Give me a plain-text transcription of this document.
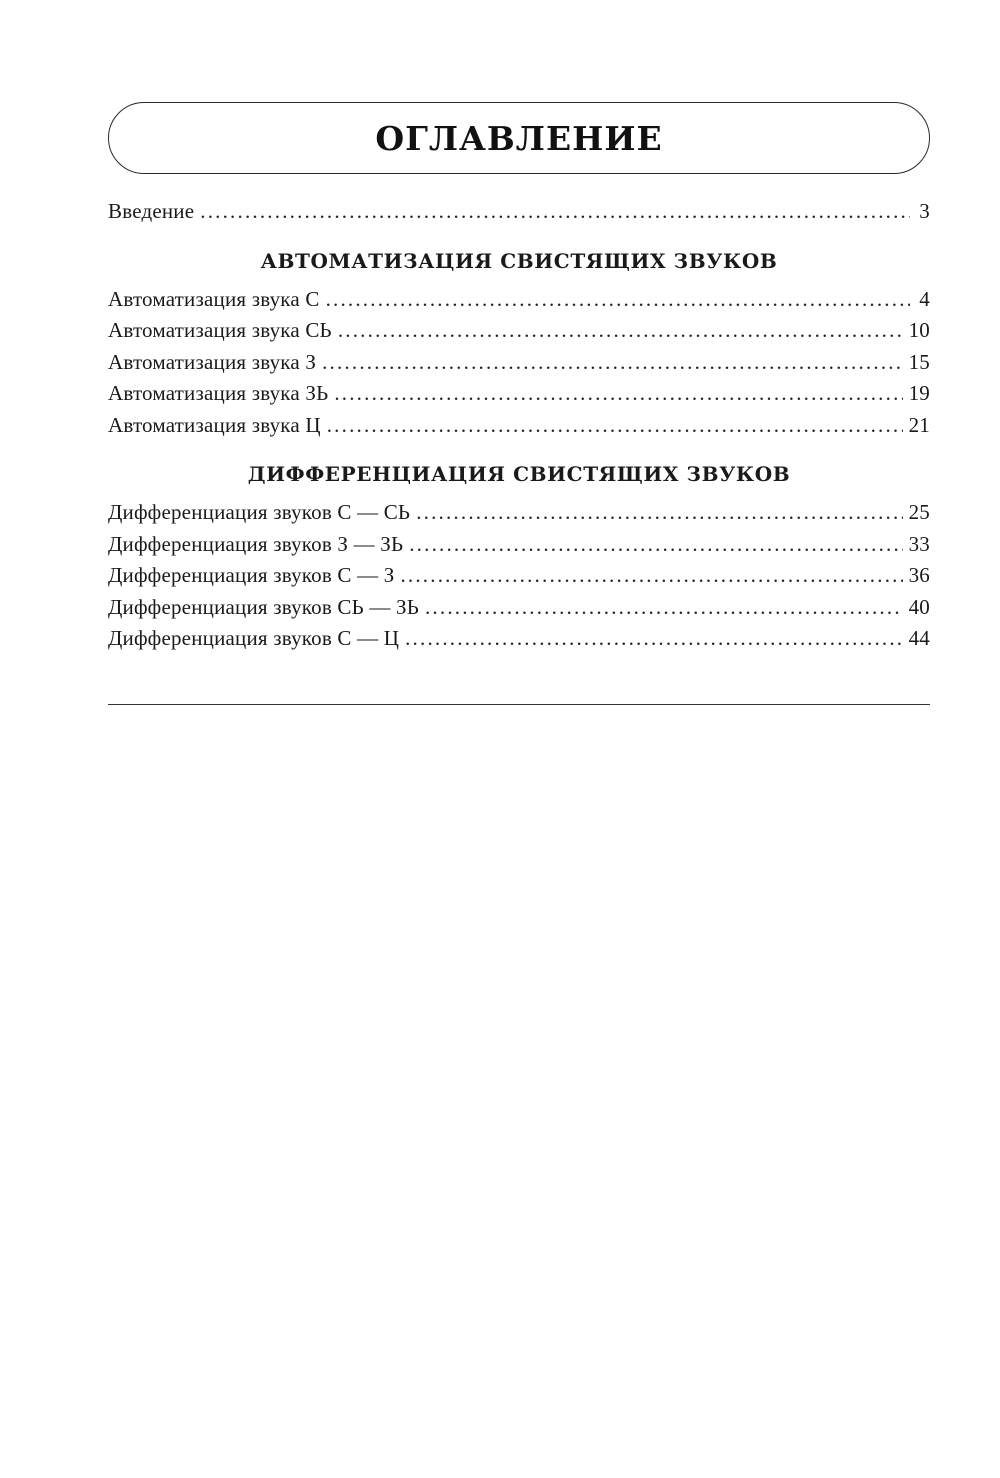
ОГЛАВЛЕНИЕ
Введение .....	3
АВТОМАТИЗАЦИЯ СВИСТЯЩИХ ЗВУКОВ
Автоматизация звука С .....	4
Автоматизация звука СЬ .....	10
Автоматизация звука З .....	15
Автоматизация звука ЗЬ .....	19
Автоматизация звука Ц .....	21
ДИФФЕРЕНЦИАЦИЯ СВИСТЯЩИХ ЗВУКОВ
Дифференциация звуков С — СЬ .....	25
Дифференциация звуков З — ЗЬ .....	33
Дифференциация звуков С — З .....	36
Дифференциация звуков СЬ — ЗЬ .....	40
Дифференциация звуков С — Ц .....	44
